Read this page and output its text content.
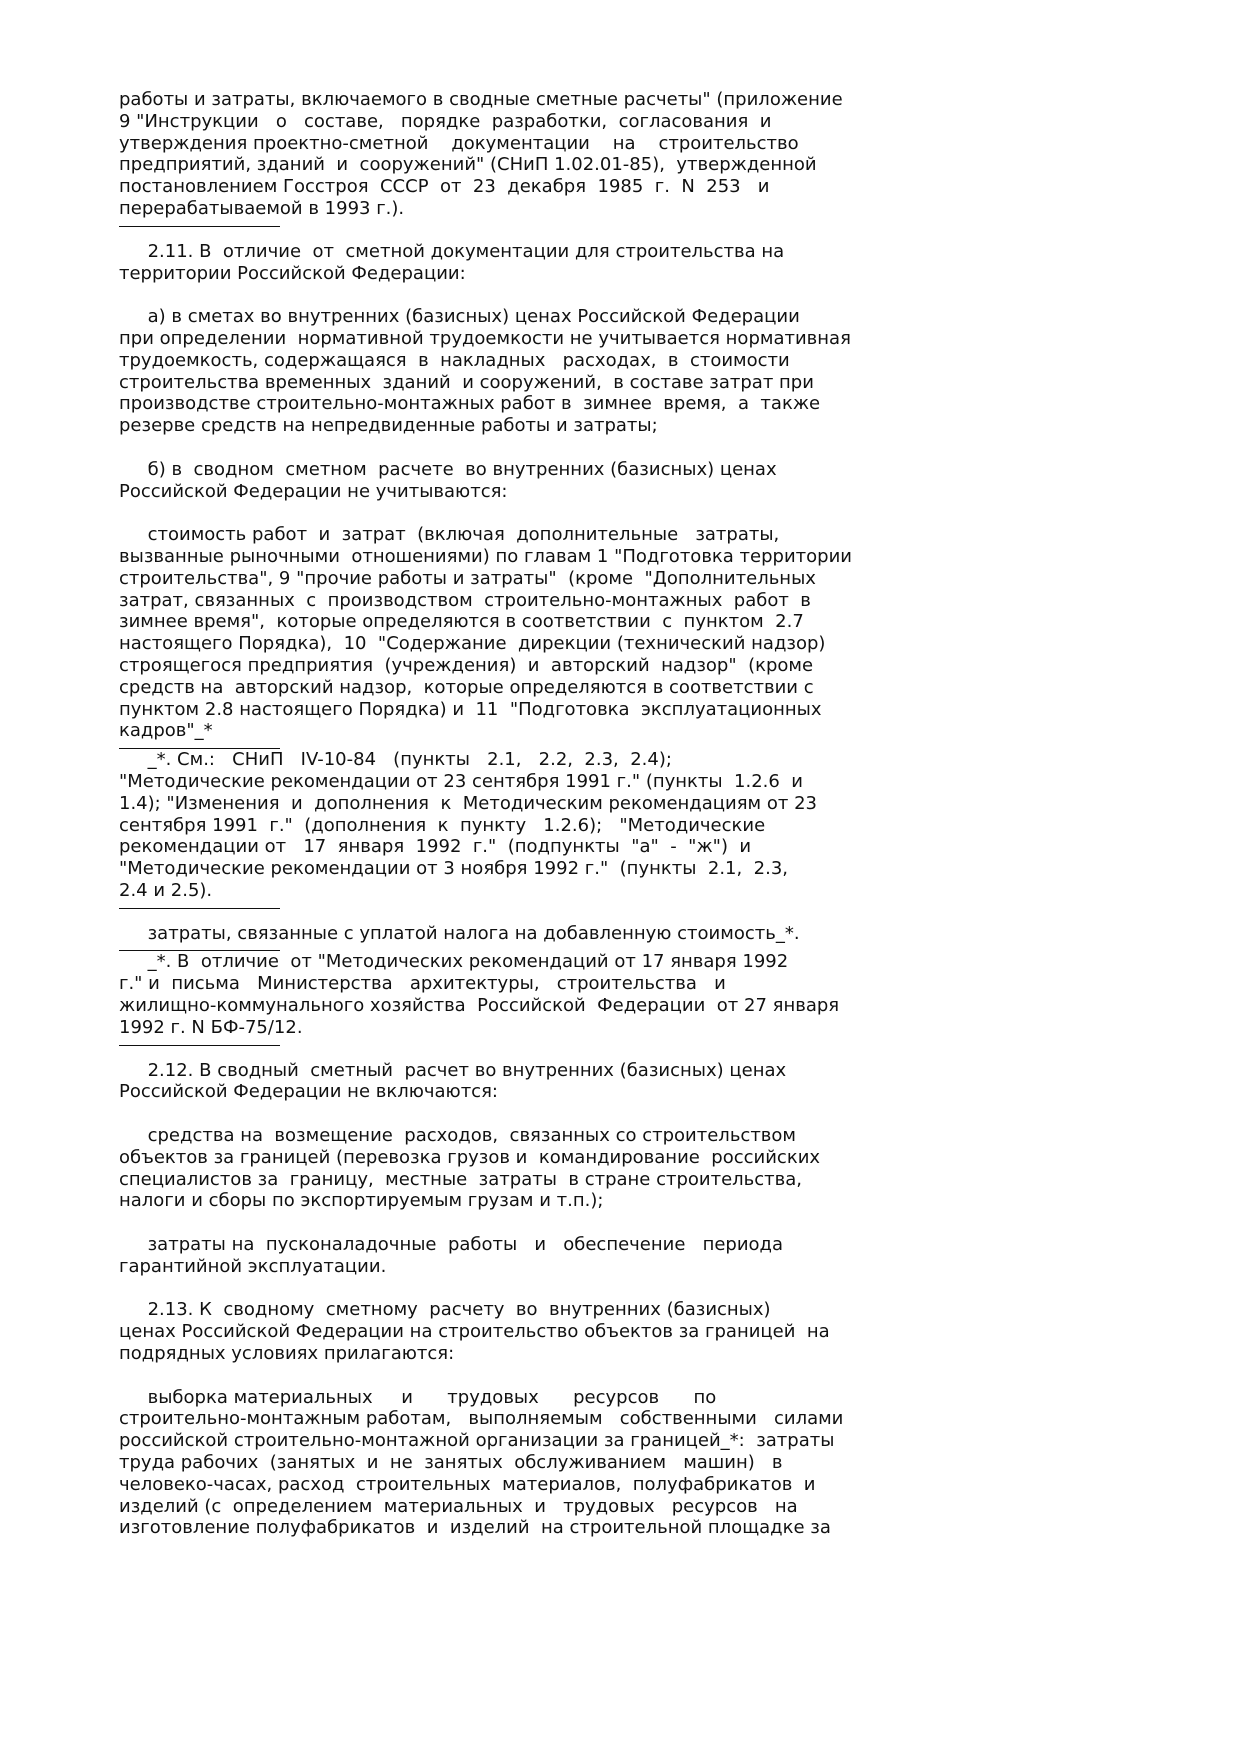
работы и затраты, включаемого в сводные сметные расчеты" (приложение
9 "Инструкции   о   составе,   порядке  разработки,  согласования  и
утверждения проектно-сметной    документации    на    строительство
предприятий, зданий  и  сооружений" (СНиП 1.02.01-85),  утвержденной
постановлением Госстроя  СССР  от  23  декабря  1985  г.  N  253   и
перерабатываемой в 1993 г.).

2.11. В  отличие  от  сметной документации для строительства на
территории Российской Федерации:

а) в сметах во внутренних (базисных) ценах Российской Федерации
при определении  нормативной трудоемкости не учитывается нормативная
трудоемкость, содержащаяся  в  накладных   расходах,  в  стоимости
строительства временных  зданий  и сооружений,  в составе затрат при
производстве строительно-монтажных работ в  зимнее  время,  а  также
резерве средств на непредвиденные работы и затраты;

б) в  сводном  сметном  расчете  во внутренних (базисных) ценах
Российской Федерации не учитываются:

стоимость работ  и  затрат  (включая  дополнительные   затраты,
вызванные рыночными  отношениями) по главам 1 "Подготовка территории
строительства", 9 "прочие работы и затраты"  (кроме  "Дополнительных
затрат, связанных  с  производством  строительно-монтажных  работ  в
зимнее время",  которые определяются в соответствии  с  пунктом  2.7
настоящего Порядка),  10  "Содержание  дирекции (технический надзор)
строящегося предприятия  (учреждения)  и  авторский  надзор"  (кроме
средств на  авторский надзор,  которые определяются в соответствии с
пунктом 2.8 настоящего Порядка) и  11  "Подготовка  эксплуатационных
кадров"_*

_*. См.:   СНиП   IV-10-84   (пункты   2.1,   2.2,  2.3,  2.4);
"Методические рекомендации от 23 сентября 1991 г." (пункты  1.2.6  и
1.4); "Изменения  и  дополнения  к  Методическим рекомендациям от 23
сентября 1991  г."  (дополнения  к  пункту   1.2.6);   "Методические
рекомендации от   17  января  1992  г."  (подпункты  "а"  -  "ж")  и
"Методические рекомендации от 3 ноября 1992 г."  (пункты  2.1,  2.3,
2.4 и 2.5).

затраты, связанные с уплатой налога на добавленную стоимость_*.

_*. В  отличие  от "Методических рекомендаций от 17 января 1992
г." и  письма   Министерства   архитектуры,   строительства   и
жилищно-коммунального хозяйства  Российской  Федерации  от 27 января
1992 г. N БФ-75/12.

2.12. В сводный  сметный  расчет во внутренних (базисных) ценах
Российской Федерации не включаются:

средства на  возмещение  расходов,  связанных со строительством
объектов за границей (перевозка грузов и  командирование  российских
специалистов за  границу,  местные  затраты  в стране строительства,
налоги и сборы по экспортируемым грузам и т.п.);

затраты на  пусконаладочные  работы   и   обеспечение   периода
гарантийной эксплуатации.

2.13. К  сводному  сметному  расчету  во  внутренних (базисных)
ценах Российской Федерации на строительство объектов за границей  на
подрядных условиях прилагаются:

выборка материальных     и      трудовых      ресурсов      по
строительно-монтажным работам,   выполняемым   собственными   силами
российской строительно-монтажной организации за границей_*:  затраты
труда рабочих  (занятых  и  не  занятых  обслуживанием   машин)   в
человеко-часах, расход  строительных  материалов,  полуфабрикатов  и
изделий (с  определением  материальных  и   трудовых   ресурсов   на
изготовление полуфабрикатов  и  изделий  на строительной площадке за
